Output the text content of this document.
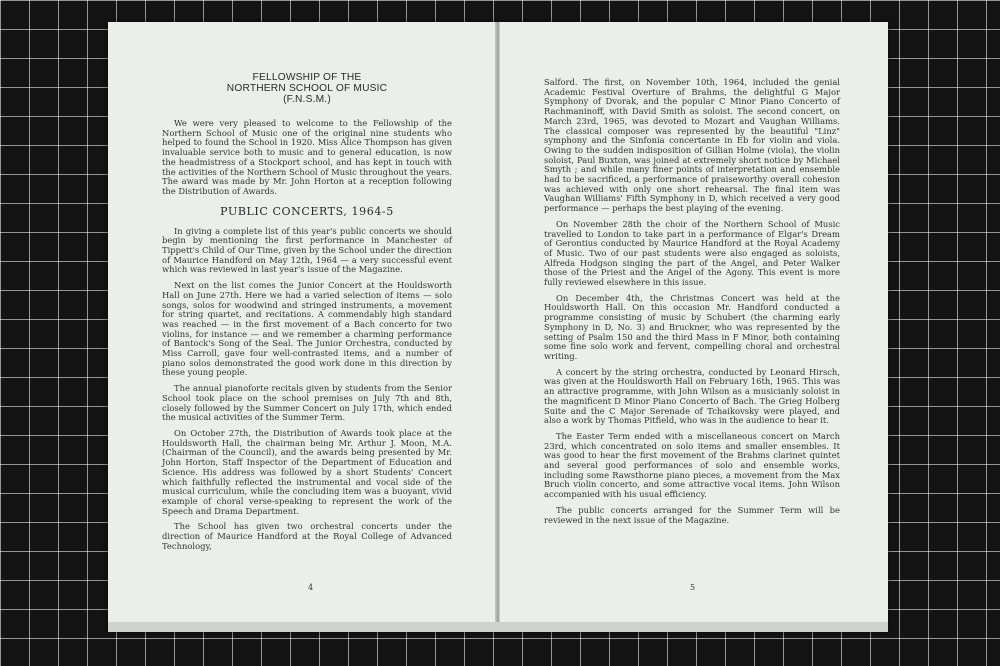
FELLOWSHIP OF THE
NORTHERN SCHOOL OF MUSIC
(F.N.S.M.)

We were very pleased to welcome to the Fellowship of the Northern School of Music one of the original nine students who helped to found the School in 1920. Miss Alice Thompson has given invaluable service both to music and to general education, is now the headmistress of a Stockport school, and has kept in touch with the activities of the Northern School of Music throughout the years. The award was made by Mr. John Horton at a reception following the Distribution of Awards.

PUBLIC CONCERTS, 1964-5

In giving a complete list of this year's public concerts we should begin by mentioning the first performance in Manchester of Tippett's Child of Our Time, given by the School under the direction of Maurice Handford on May 12th, 1964 — a very successful event which was reviewed in last year's issue of the Magazine.

Next on the list comes the Junior Concert at the Houldsworth Hall on June 27th. Here we had a varied selection of items — solo songs, solos for woodwind and stringed instruments, a movement for string quartet, and recitations. A commendably high standard was reached — in the first movement of a Bach concerto for two violins, for instance — and we remember a charming performance of Bantock's Song of the Seal. The Junior Orchestra, conducted by Miss Carroll, gave four well-contrasted items, and a number of piano solos demonstrated the good work done in this direction by these young people.

The annual pianoforte recitals given by students from the Senior School took place on the school premises on July 7th and 8th, closely followed by the Summer Concert on July 17th, which ended the musical activities of the Summer Term.

On October 27th, the Distribution of Awards took place at the Houldsworth Hall, the chairman being Mr. Arthur J. Moon, M.A. (Chairman of the Council), and the awards being presented by Mr. John Horton, Staff Inspector of the Department of Education and Science. His address was followed by a short Students' Concert which faithfully reflected the instrumental and vocal side of the musical curriculum, while the concluding item was a buoyant, vivid example of choral verse-speaking to represent the work of the Speech and Drama Department.

The School has given two orchestral concerts under the direction of Maurice Handford at the Royal College of Advanced Technology,

4

Salford. The first, on November 10th, 1964, included the genial Academic Festival Overture of Brahms, the delightful G Major Symphony of Dvorak, and the popular C Minor Piano Concerto of Rachmaninoff, with David Smith as soloist. The second concert, on March 23rd, 1965, was devoted to Mozart and Vaughan Williams. The classical composer was represented by the beautiful "Linz" symphony and the Sinfonia concertante in Eb for violin and viola. Owing to the sudden indisposition of Gillian Holme (viola), the violin soloist, Paul Buxton, was joined at extremely short notice by Michael Smyth ; and while many finer points of interpretation and ensemble had to be sacrificed, a performance of praiseworthy overall cohesion was achieved with only one short rehearsal. The final item was Vaughan Williams' Fifth Symphony in D, which received a very good performance — perhaps the best playing of the evening.

On November 28th the choir of the Northern School of Music travelled to London to take part in a performance of Elgar's Dream of Gerontius conducted by Maurice Handford at the Royal Academy of Music. Two of our past students were also engaged as soloists, Alfreda Hodgson singing the part of the Angel, and Peter Walker those of the Priest and the Angel of the Agony. This event is more fully reviewed elsewhere in this issue.

On December 4th, the Christmas Concert was held at the Houldsworth Hall. On this occasion Mr. Handford conducted a programme consisting of music by Schubert (the charming early Symphony in D, No. 3) and Bruckner, who was represented by the setting of Psalm 150 and the third Mass in F Minor, both containing some fine solo work and fervent, compelling choral and orchestral writing.

A concert by the string orchestra, conducted by Leonard Hirsch, was given at the Houldsworth Hall on February 16th, 1965. This was an attractive programme, with John Wilson as a musicianly soloist in the magnificent D Minor Piano Concerto of Bach. The Grieg Holberg Suite and the C Major Serenade of Tchaikovsky were played, and also a work by Thomas Pitfield, who was in the audience to hear it.

The Easter Term ended with a miscellaneous concert on March 23rd, which concentrated on solo items and smaller ensembles. It was good to hear the first movement of the Brahms clarinet quintet and several good performances of solo and ensemble works, including some Rawsthorne piano pieces, a movement from the Max Bruch violin concerto, and some attractive vocal items. John Wilson accompanied with his usual efficiency.

The public concerts arranged for the Summer Term will be reviewed in the next issue of the Magazine.

5
